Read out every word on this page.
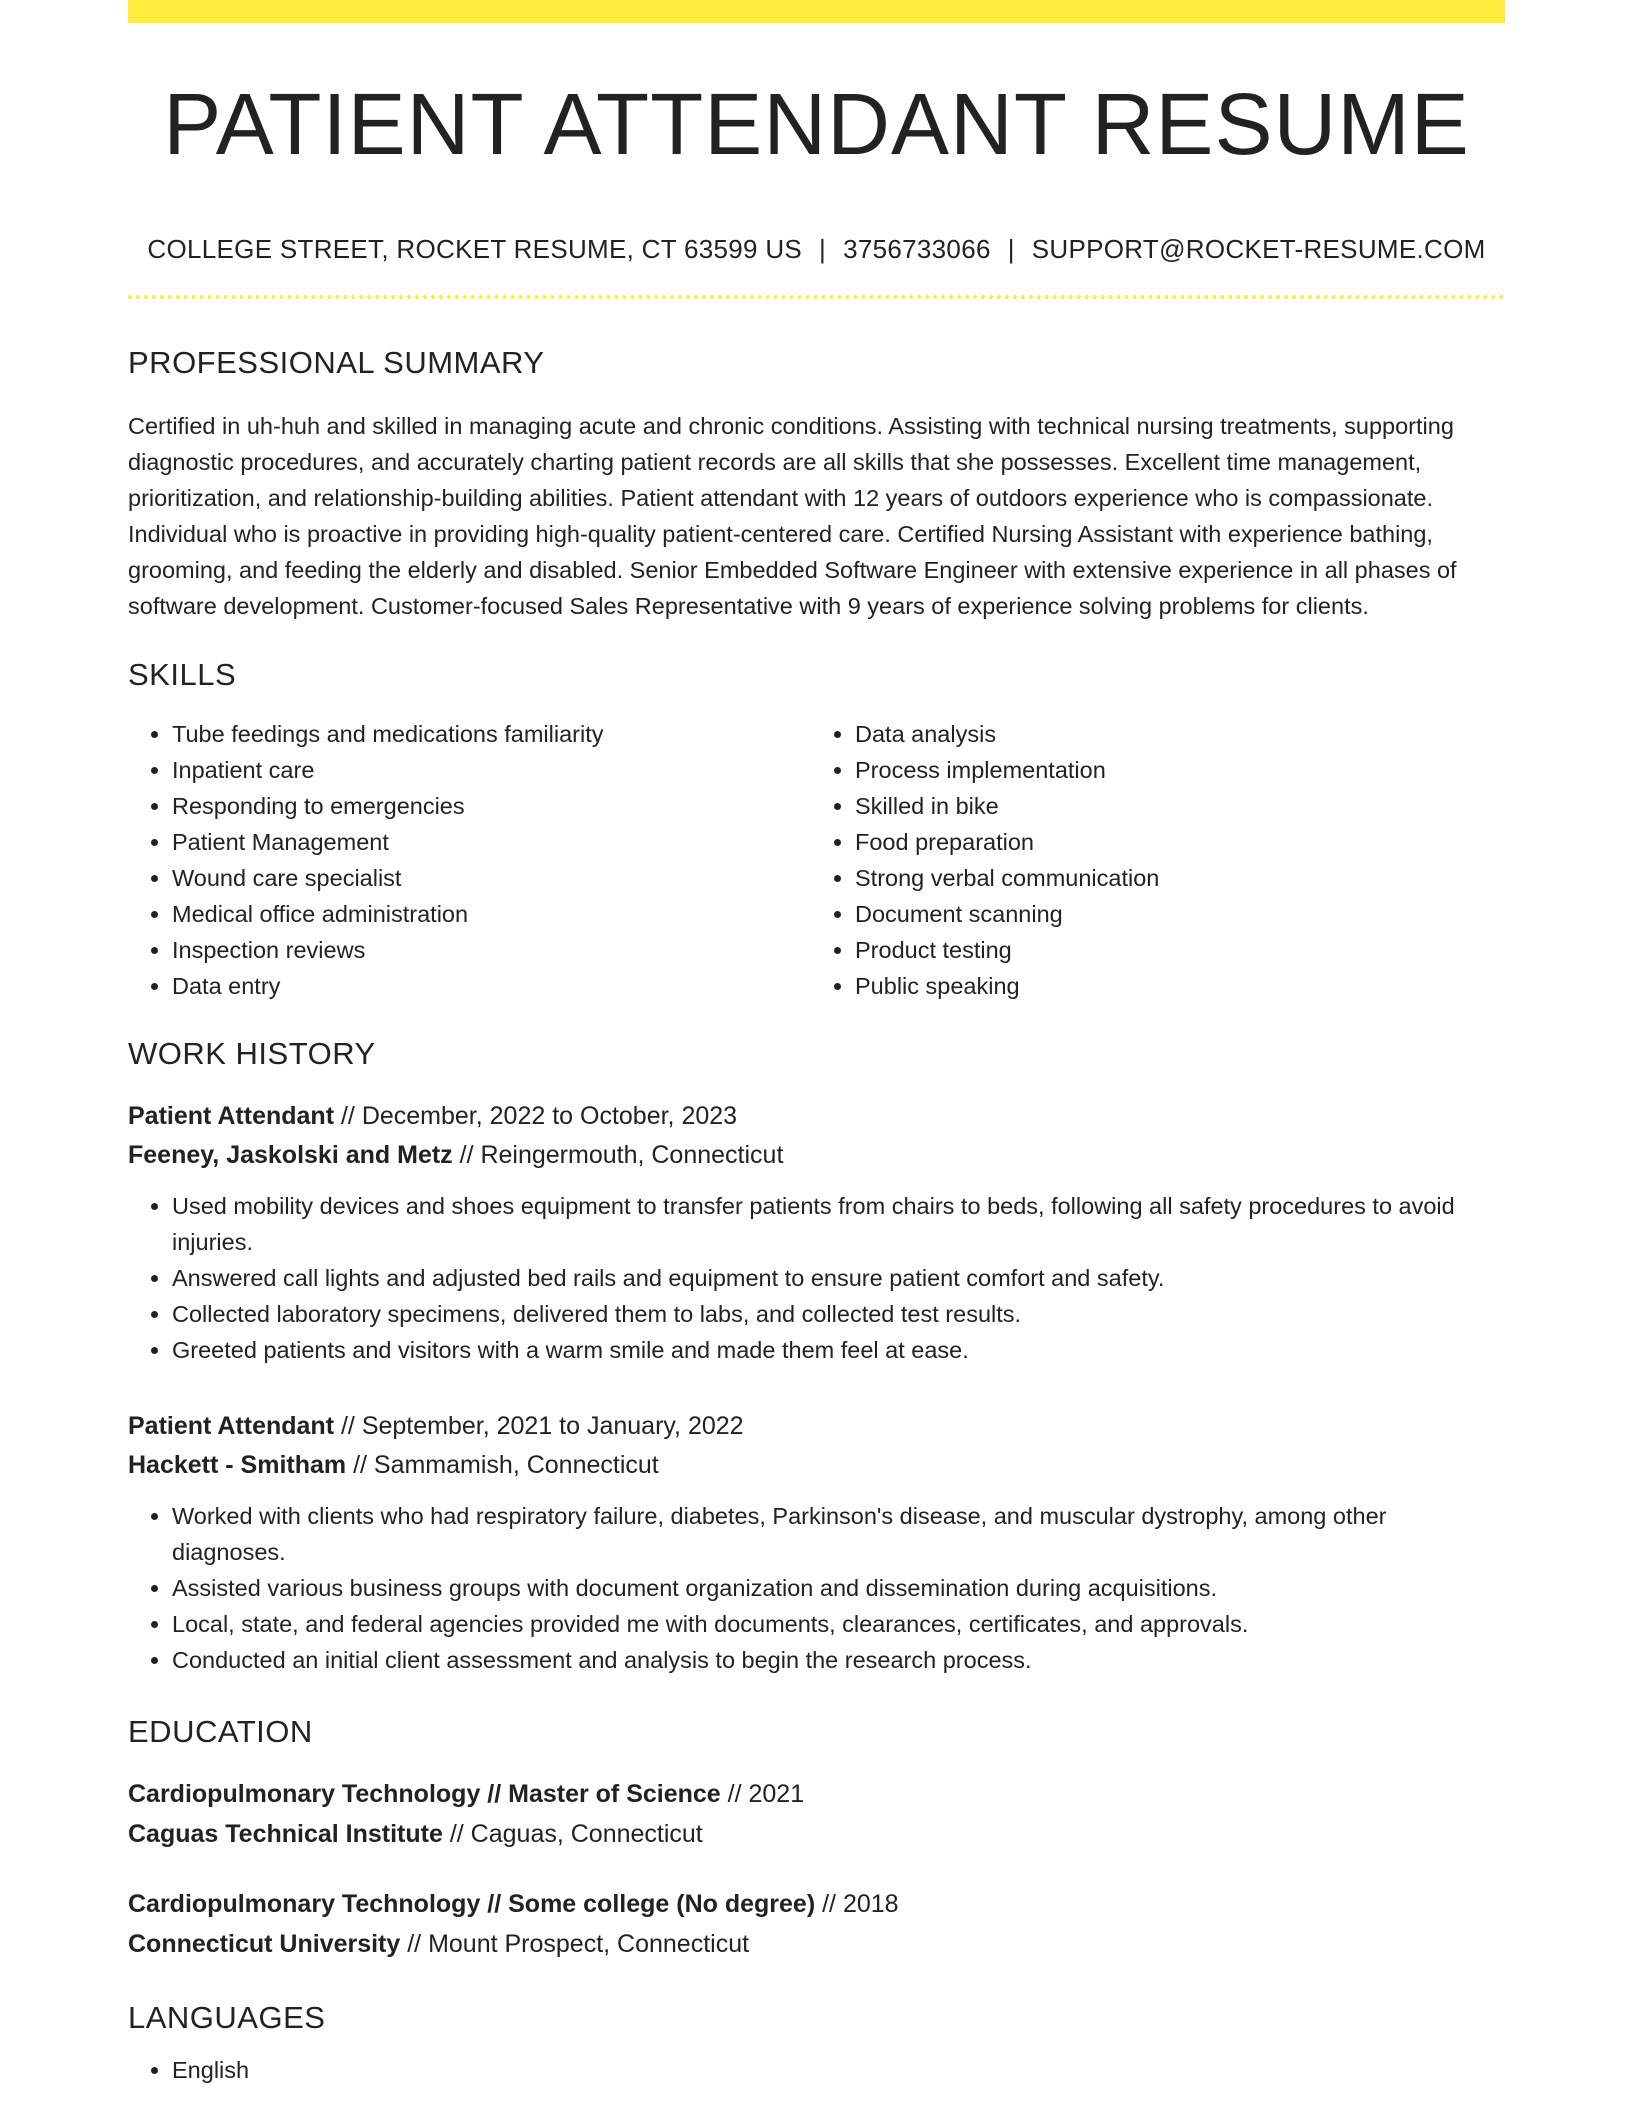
PATIENT ATTENDANT RESUME
COLLEGE STREET, ROCKET RESUME, CT 63599 US | 3756733066 | SUPPORT@ROCKET-RESUME.COM
PROFESSIONAL SUMMARY

Certified in uh-huh and skilled in managing acute and chronic conditions. Assisting with technical nursing treatments, supporting diagnostic procedures, and accurately charting patient records are all skills that she possesses. Excellent time management, prioritization, and relationship-building abilities. Patient attendant with 12 years of outdoors experience who is compassionate. Individual who is proactive in providing high-quality patient-centered care. Certified Nursing Assistant with experience bathing, grooming, and feeding the elderly and disabled. Senior Embedded Software Engineer with extensive experience in all phases of software development. Customer-focused Sales Representative with 9 years of experience solving problems for clients.

SKILLS
• Tube feedings and medications familiarity
• Inpatient care
• Responding to emergencies
• Patient Management
• Wound care specialist
• Medical office administration
• Inspection reviews
• Data entry
• Data analysis
• Process implementation
• Skilled in bike
• Food preparation
• Strong verbal communication
• Document scanning
• Product testing
• Public speaking
WORK HISTORY
Patient Attendant // December, 2022 to October, 2023
Feeney, Jaskolski and Metz // Reingermouth, Connecticut
• Used mobility devices and shoes equipment to transfer patients from chairs to beds, following all safety procedures to avoid injuries.
• Answered call lights and adjusted bed rails and equipment to ensure patient comfort and safety.
• Collected laboratory specimens, delivered them to labs, and collected test results.
• Greeted patients and visitors with a warm smile and made them feel at ease.
Patient Attendant // September, 2021 to January, 2022
Hackett - Smitham // Sammamish, Connecticut
• Worked with clients who had respiratory failure, diabetes, Parkinson's disease, and muscular dystrophy, among other diagnoses.
• Assisted various business groups with document organization and dissemination during acquisitions.
• Local, state, and federal agencies provided me with documents, clearances, certificates, and approvals.
• Conducted an initial client assessment and analysis to begin the research process.
EDUCATION
Cardiopulmonary Technology // Master of Science // 2021
Caguas Technical Institute // Caguas, Connecticut
Cardiopulmonary Technology // Some college (No degree) // 2018
Connecticut University // Mount Prospect, Connecticut
LANGUAGES
• English
